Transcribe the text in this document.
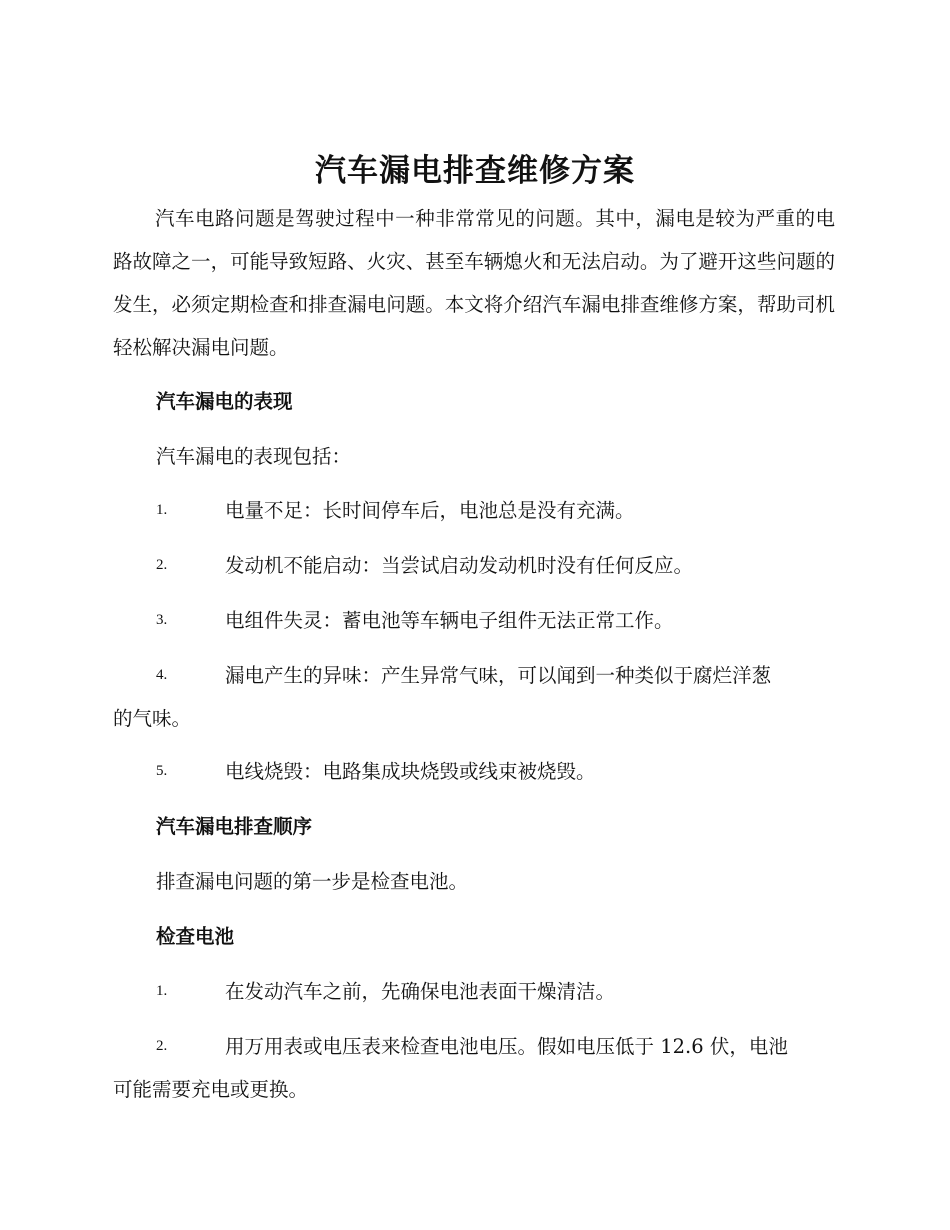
汽车漏电排查维修方案
汽车电路问题是驾驶过程中一种非常常见的问题。其中，漏电是较为严重的电路故障之一，可能导致短路、火灾、甚至车辆熄火和无法启动。为了避开这些问题的发生，必须定期检查和排查漏电问题。本文将介绍汽车漏电排查维修方案，帮助司机轻松解决漏电问题。
汽车漏电的表现
汽车漏电的表现包括：
1.	电量不足：长时间停车后，电池总是没有充满。
2.	发动机不能启动：当尝试启动发动机时没有任何反应。
3.	电组件失灵：蓄电池等车辆电子组件无法正常工作。
4.	漏电产生的异味：产生异常气味，可以闻到一种类似于腐烂洋葱
的气味。
5.	电线烧毁：电路集成块烧毁或线束被烧毁。
汽车漏电排查顺序
排查漏电问题的第一步是检查电池。
检查电池
1.	在发动汽车之前，先确保电池表面干燥清洁。
2.	用万用表或电压表来检查电池电压。假如电压低于 12.6 伏，电池
可能需要充电或更换。
